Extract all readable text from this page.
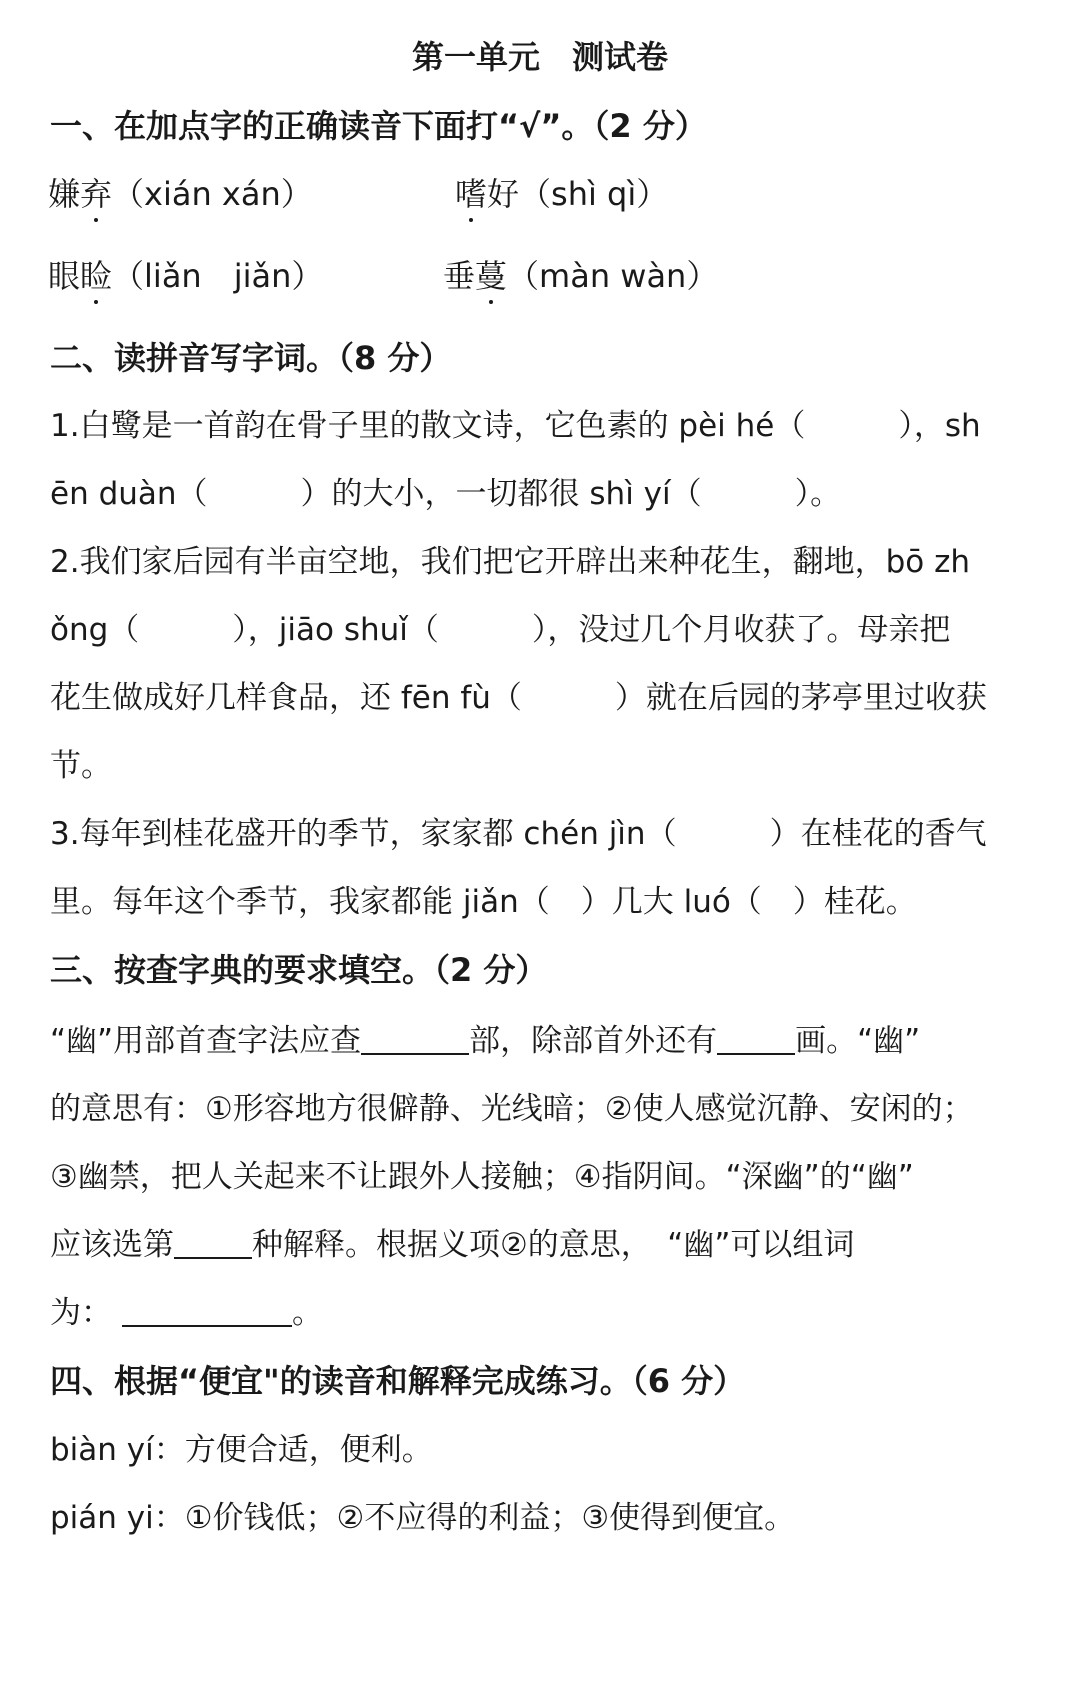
第一单元　测试卷
一、在加点字的正确读音下面打“√”。（2 分）
嫌弃（xián xán）	嗜好（shì qì）
眼睑（liǎn　jiǎn）	垂蔓（màn wàn）
二、读拼音写字词。（8 分）
1.白鹭是一首韵在骨子里的散文诗，它色素的 pèi hé（　　　），sh
ēn duàn（　　　）的大小，一切都很 shì yí（　　　）。
2.我们家后园有半亩空地，我们把它开辟出来种花生，翻地，bō zh
ǒng（　　　），jiāo shuǐ（　　　），没过几个月收获了。母亲把
花生做成好几样食品，还 fēn fù（　　　）就在后园的茅亭里过收获
节。
3.每年到桂花盛开的季节，家家都 chén jìn（　　　）在桂花的香气
里。每年这个季节，我家都能 jiǎn（　）几大 luó（　）桂花。
三、按查字典的要求填空。（2 分）
“幽”用部首查字法应查	部，除部首外还有	画。“幽”
的意思有：①形容地方很僻静、光线暗；②使人感觉沉静、安闲的；
③幽禁，把人关起来不让跟外人接触；④指阴间。“深幽”的“幽”
应该选第	种解释。根据义项②的意思，　“幽”可以组词
为：	。
四、根据“便宜"的读音和解释完成练习。（6 分）
biàn yí：方便合适，便利。
pián yi：①价钱低；②不应得的利益；③使得到便宜。
